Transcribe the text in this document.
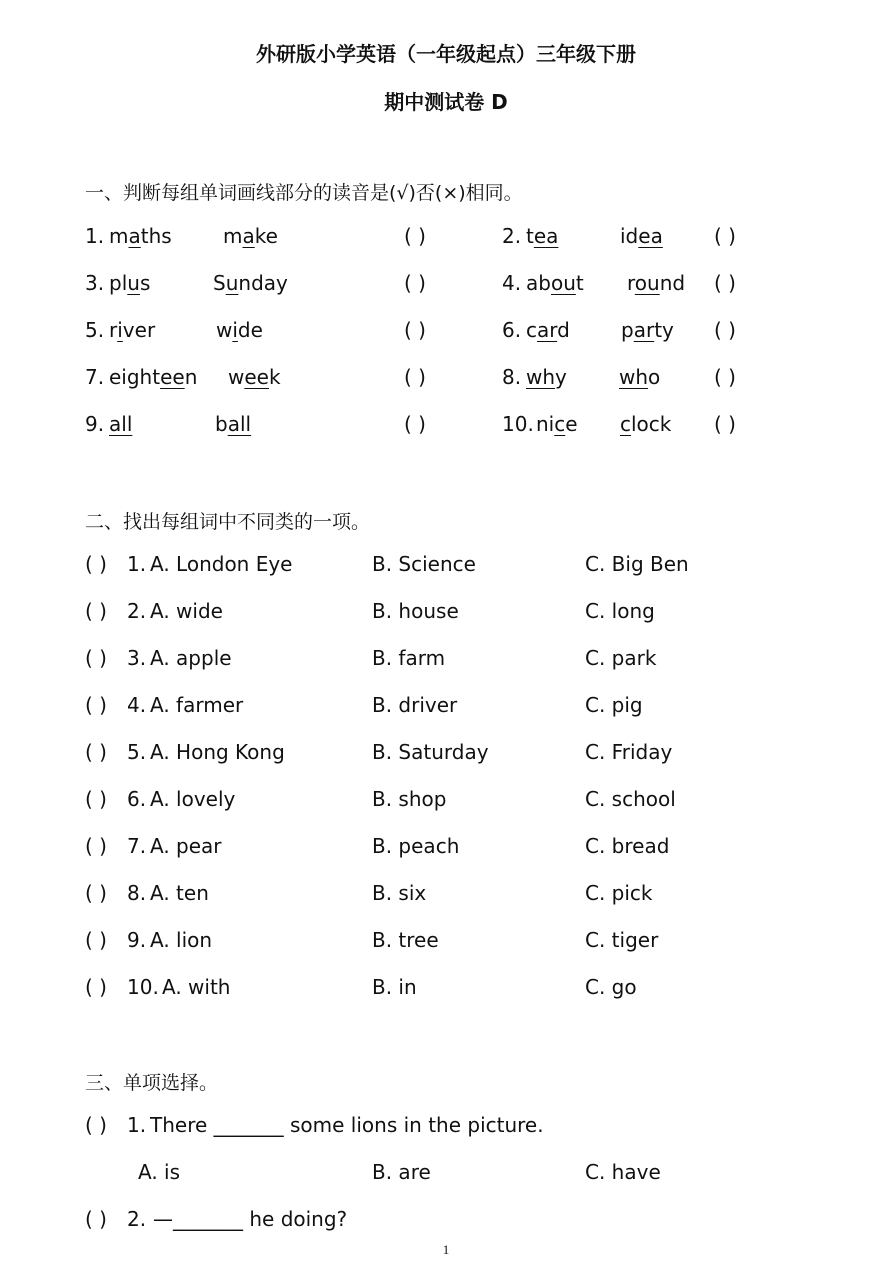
外研版小学英语（一年级起点）三年级下册
期中测试卷 D
一、判断每组单词画线部分的读音是(√)否(×)相同。
1. maths	make	( )	2. tea	idea	( )
3. plus	Sunday	( )	4. about round ( )
5. river	wide	( )	6. card	party ( )
7. eighteen week	( )	8. why	who	( )
9. all	ball	( )	10. nice clock ( )
二、找出每组词中不同类的一项。
( ) 1. A. London Eye	B. Science	C. Big Ben
( ) 2. A. wide	B. house	C. long
( ) 3. A. apple	B. farm	C. park
( ) 4. A. farmer	B. driver	C. pig
( ) 5. A. Hong Kong	B. Saturday	C. Friday
( ) 6. A. lovely	B. shop	C. school
( ) 7. A. pear	B. peach	C. bread
( ) 8. A. ten	B. six	C. pick
( ) 9. A. lion	B. tree	C. tiger
( ) 10. A. with	B. in	C. go
三、单项选择。
( ) 1. There _______ some lions in the picture.
A. is	B. are	C. have
( ) 2. —_______ he doing?
1
